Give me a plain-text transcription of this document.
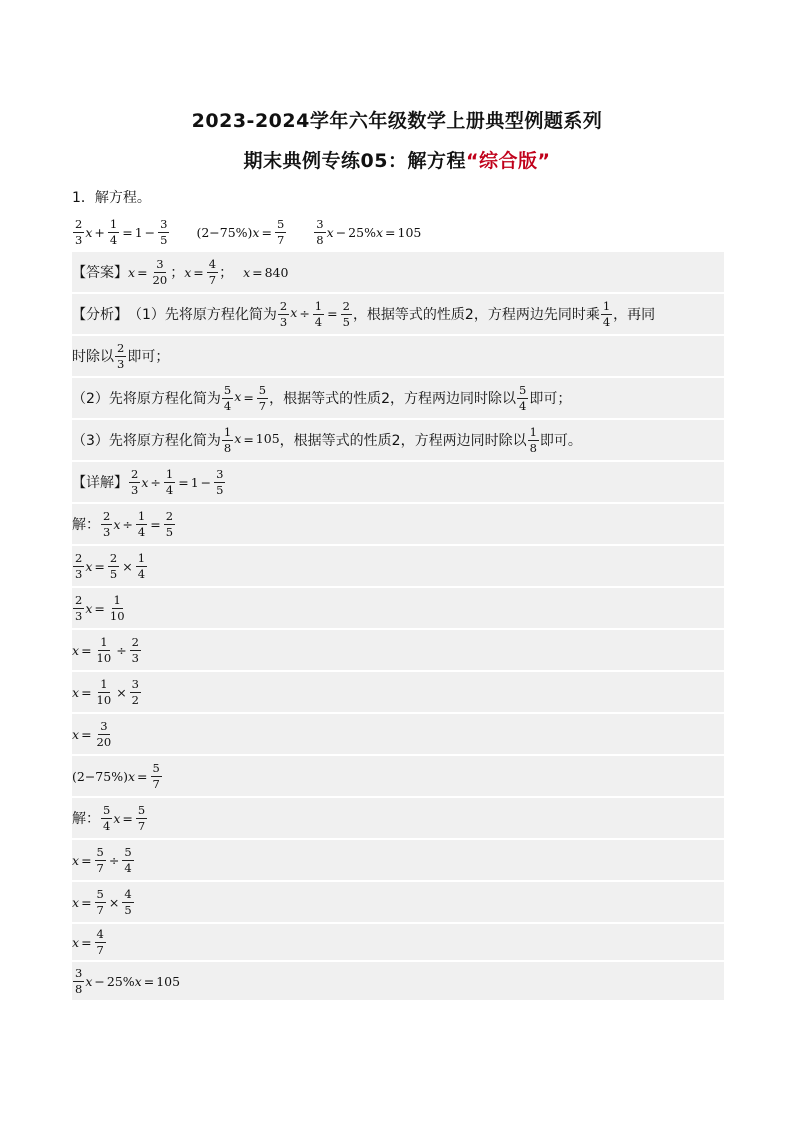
2023-2024学年六年级数学上册典型例题系列
期末典例专练05：解方程“综合版”
1．解方程。
$\frac{2}{3}$ $x + \frac{1}{4} = 1 - \frac{3}{5} (2-75\%) x = \frac{5}{7} \frac{3}{8}$ x − 25% x = 105
【答案】 $x = \frac{3}{20}$ ； $x = \frac{4}{7}$ ； x = 840
【分析】 （1）先将原方程化简为 $\frac{2}{3}$ $x \div \frac{1}{4} = \frac{2}{5}$ ，根据等式的性质2，方程两边先同时乘 $\frac{1}{4}$ ，再同
时除以 $\frac{2}{3}$ 即可；
（2）先将原方程化简为 $\frac{5}{4}$ $x = \frac{5}{7}$ ，根据等式的性质2，方程两边同时除以 $\frac{5}{4}$ 即可；
（3）先将原方程化简为 $\frac{1}{8}$ x = 105 ，根据等式的性质2，方程两边同时除以 $\frac{1}{8}$ 即可。
【详解】 $\frac{2}{3}$ $x \div \frac{1}{4} = 1 - \frac{3}{5}$
解： $\frac{2}{3}$ $x \div \frac{1}{4} = \frac{2}{5}$
$\frac{2}{3}$ $x = \frac{2}{5} \times \frac{1}{4}$
$\frac{2}{3}$ $x = \frac{1}{10}$
$x = \frac{1}{10} \div \frac{2}{3}$
$x = \frac{1}{10} \times \frac{3}{2}$
$x = \frac{3}{20}$
(2−75%) $x = \frac{5}{7}$
解： $\frac{5}{4}$ $x = \frac{5}{7}$
$x = \frac{5}{7} \div \frac{5}{4}$
$x = \frac{5}{7} \times \frac{4}{5}$
$x = \frac{4}{7}$
$\frac{3}{8}$ x − 25% x = 105
